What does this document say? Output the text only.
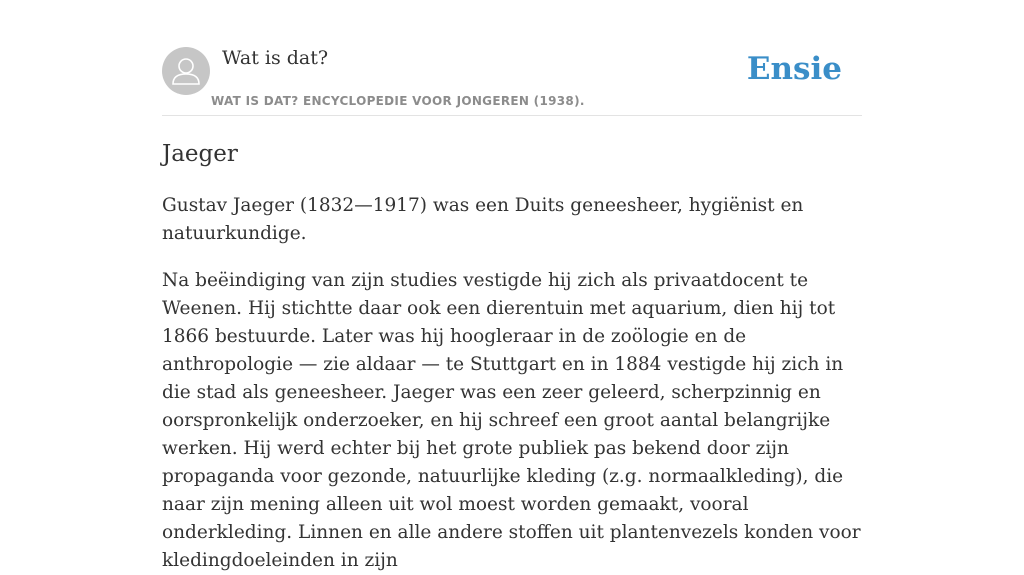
Wat is dat?
WAT IS DAT? ENCYCLOPEDIE VOOR JONGEREN (1938).
Ensie
Jaeger

Gustav Jaeger (1832—1917) was een Duits geneesheer, hygiënist en natuurkundige.

Na beëindiging van zijn studies vestigde hij zich als privaatdocent te Weenen. Hij stichtte daar ook een dierentuin met aquarium, dien hij tot 1866 bestuurde. Later was hij hoogleraar in de zoölogie en de anthropologie — zie aldaar — te Stuttgart en in 1884 vestigde hij zich in die stad als geneesheer. Jaeger was een zeer geleerd, scherpzinnig en oorspronkelijk onderzoeker, en hij schreef een groot aantal belangrijke werken. Hij werd echter bij het grote publiek pas bekend door zijn propaganda voor gezonde, natuurlijke kleding (z.g. normaalkleding), die naar zijn mening alleen uit wol moest worden gemaakt, vooral onderkleding. Linnen en alle andere stoffen uit plantenvezels konden voor kledingdoeleinden in zijn
